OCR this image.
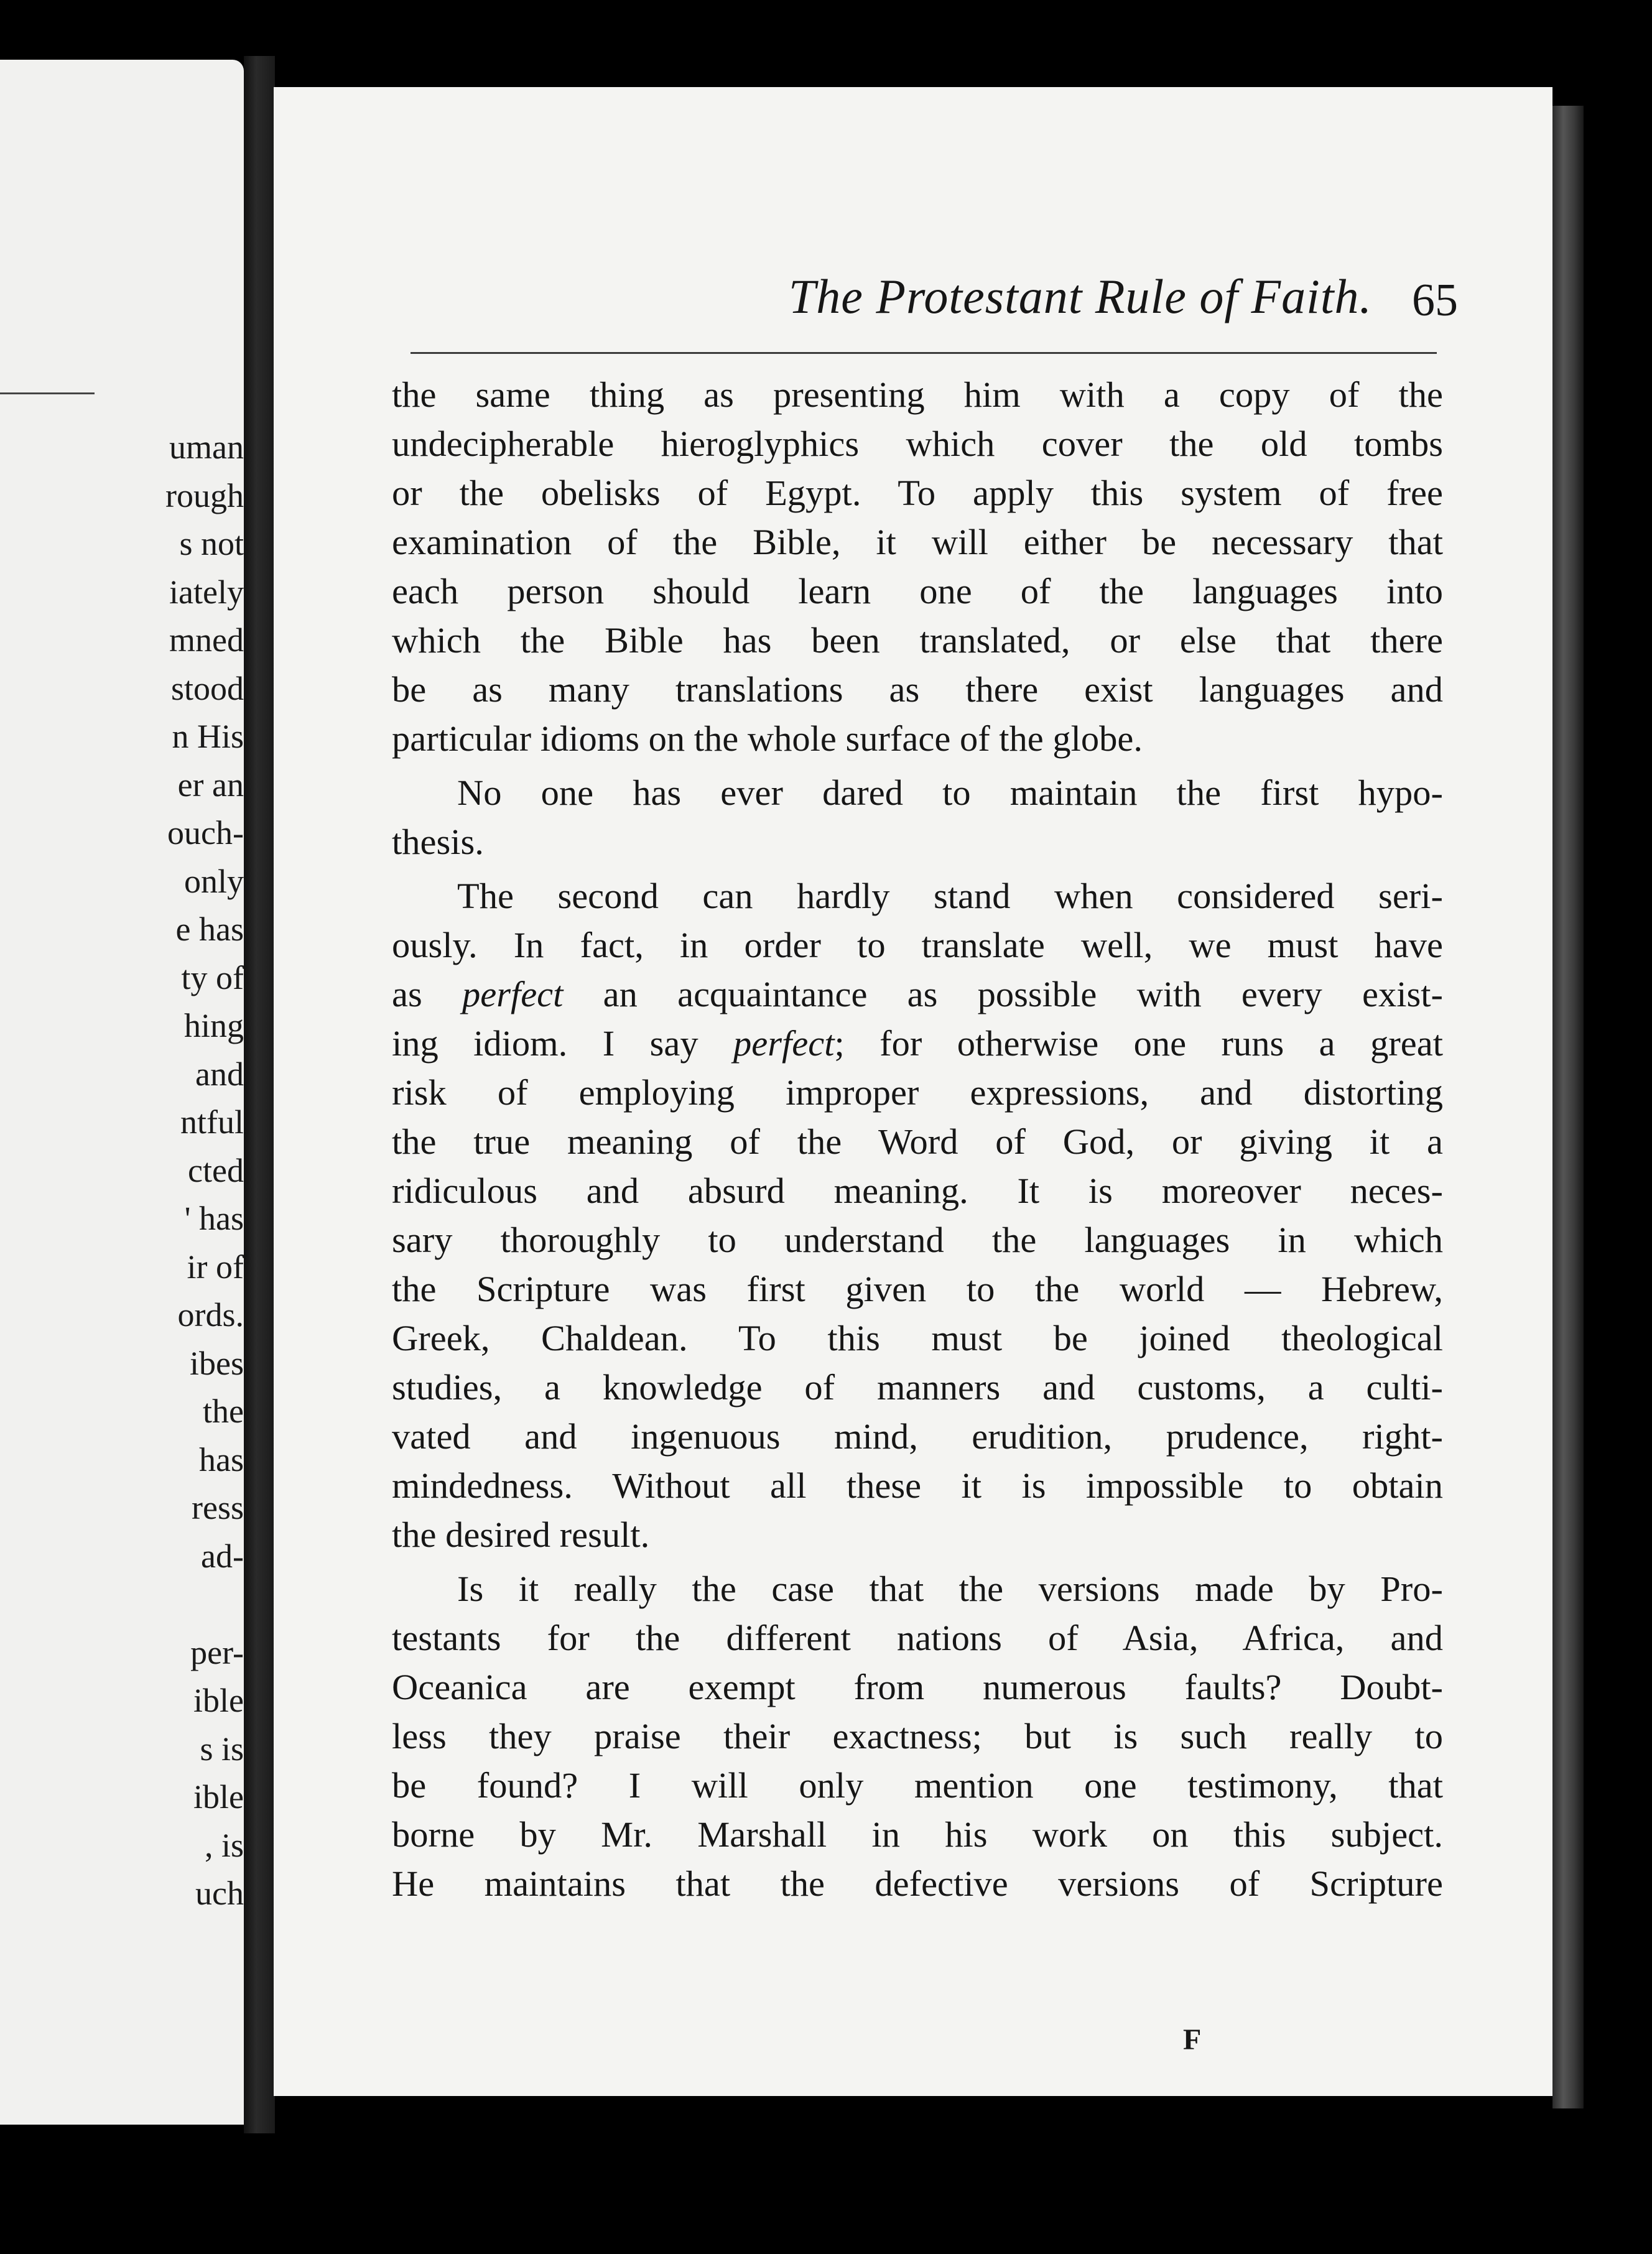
uman
rough
s not
iately
mned
stood
n His
er an
ouch-
only
e has
ty of
hing
and
ntful
cted
' has
ir of
ords.
ibes
the
has
ress
ad-
per-
ible
s is
ible
, is
uch
The Protestant Rule of Faith. 65
the same thing as presenting him with a copy of the
undecipherable hieroglyphics which cover the old tombs
or the obelisks of Egypt. To apply this system of free
examination of the Bible, it will either be necessary that
each person should learn one of the languages into
which the Bible has been translated, or else that there
be as many translations as there exist languages and
particular idioms on the whole surface of the globe.
No one has ever dared to maintain the first hypo-
thesis.
The second can hardly stand when considered seri-
ously. In fact, in order to translate well, we must have
as perfect an acquaintance as possible with every exist-
ing idiom. I say perfect; for otherwise one runs a great
risk of employing improper expressions, and distorting
the true meaning of the Word of God, or giving it a
ridiculous and absurd meaning. It is moreover neces-
sary thoroughly to understand the languages in which
the Scripture was first given to the world — Hebrew,
Greek, Chaldean. To this must be joined theological
studies, a knowledge of manners and customs, a culti-
vated and ingenuous mind, erudition, prudence, right-
mindedness. Without all these it is impossible to obtain
the desired result.
Is it really the case that the versions made by Pro-
testants for the different nations of Asia, Africa, and
Oceanica are exempt from numerous faults? Doubt-
less they praise their exactness; but is such really to
be found? I will only mention one testimony, that
borne by Mr. Marshall in his work on this subject.
He maintains that the defective versions of Scripture
F
